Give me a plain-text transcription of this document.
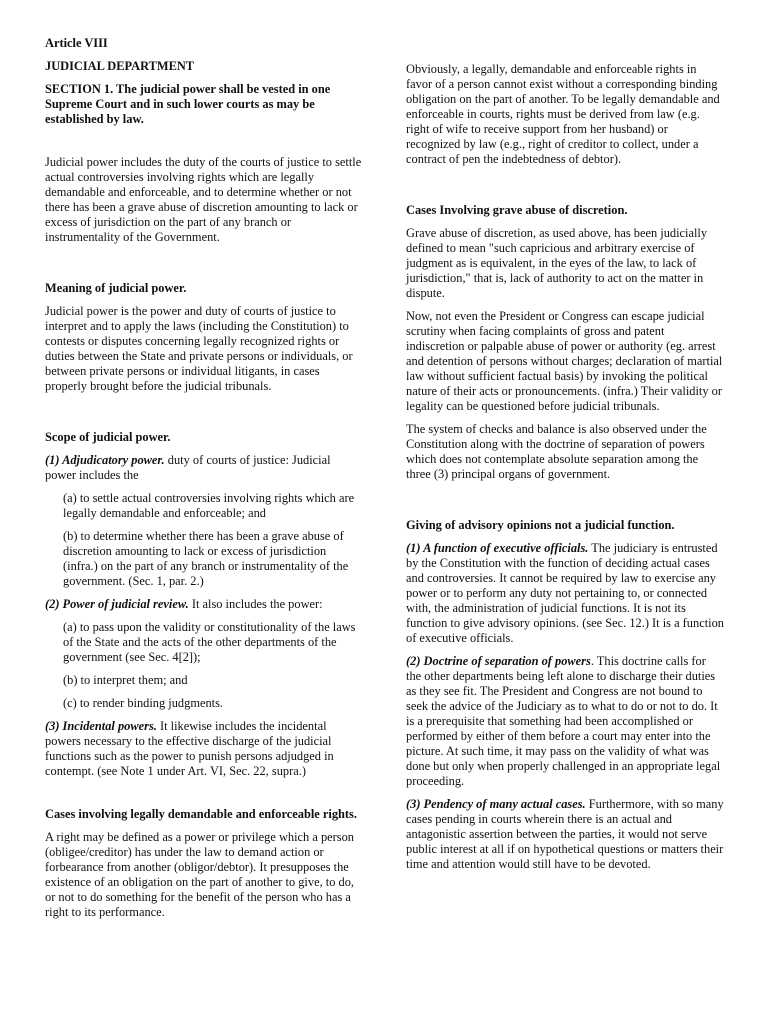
Article VIII

JUDICIAL DEPARTMENT

SECTION 1. The judicial power shall be vested in one Supreme Court and in such lower courts as may be established by law.

Judicial power includes the duty of the courts of justice to settle actual controversies involving rights which are legally demandable and enforceable, and to determine whether or not there has been a grave abuse of discretion amounting to lack or excess of jurisdiction on the part of any branch or instrumentality of the Government.

Meaning of judicial power.

Judicial power is the power and duty of courts of justice to interpret and to apply the laws (including the Constitution) to contests or disputes concerning legally recognized rights or duties between the State and private persons or individuals, or between private persons or individual litigants, in cases properly brought before the judicial tribunals.

Scope of judicial power.

(1) Adjudicatory power. duty of courts of justice: Judicial power includes the

(a) to settle actual controversies involving rights which are legally demandable and enforceable; and

(b) to determine whether there has been a grave abuse of discretion amounting to lack or excess of jurisdiction (infra.) on the part of any branch or instrumentality of the government. (Sec. 1, par. 2.)

(2) Power of judicial review. It also includes the power:

(a) to pass upon the validity or constitutionality of the laws of the State and the acts of the other departments of the government (see Sec. 4[2]);

(b) to interpret them; and

(c) to render binding judgments.

(3) Incidental powers. It likewise includes the incidental powers necessary to the effective discharge of the judicial functions such as the power to punish persons adjudged in contempt. (see Note 1 under Art. VI, Sec. 22, supra.)

Cases involving legally demandable and enforceable rights.

A right may be defined as a power or privilege which a person (obligee/creditor) has under the law to demand action or forbearance from another (obligor/debtor). It presupposes the existence of an obligation on the part of another to give, to do, or not to do something for the benefit of the person who has a right to its performance.

Obviously, a legally, demandable and enforceable rights in favor of a person cannot exist without a corresponding binding obligation on the part of another. To be legally demandable and enforceable in courts, rights must be derived from law (e.g. right of wife to receive support from her husband) or recognized by law (e.g., right of creditor to collect, under a contract of pen the indebtedness of debtor).

Cases Involving grave abuse of discretion.

Grave abuse of discretion, as used above, has been judicially defined to mean "such capricious and arbitrary exercise of judgment as is equivalent, in the eyes of the law, to lack of jurisdiction," that is, lack of authority to act on the matter in dispute.

Now, not even the President or Congress can escape judicial scrutiny when facing complaints of gross and patent indiscretion or palpable abuse of power or authority (eg. arrest and detention of persons without charges; declaration of martial law without sufficient factual basis) by invoking the political nature of their acts or pronouncements. (infra.) Their validity or legality can be questioned before judicial tribunals.

The system of checks and balance is also observed under the Constitution along with the doctrine of separation of powers which does not contemplate absolute separation among the three (3) principal organs of government.

Giving of advisory opinions not a judicial function.

(1) A function of executive officials. The judiciary is entrusted by the Constitution with the function of deciding actual cases and controversies. It cannot be required by law to exercise any power or to perform any duty not pertaining to, or connected with, the administration of judicial functions. It is not its function to give advisory opinions. (see Sec. 12.) It is a function of executive officials.

(2) Doctrine of separation of powers. This doctrine calls for the other departments being left alone to discharge their duties as they see fit. The President and Congress are not bound to seek the advice of the Judiciary as to what to do or not to do. It is a prerequisite that something had been accomplished or performed by either of them before a court may enter into the picture. At such time, it may pass on the validity of what was done but only when properly challenged in an appropriate legal proceeding.

(3) Pendency of many actual cases. Furthermore, with so many cases pending in courts wherein there is an actual and antagonistic assertion between the parties, it would not serve public interest at all if on hypothetical questions or matters their time and attention would still have to be devoted.
